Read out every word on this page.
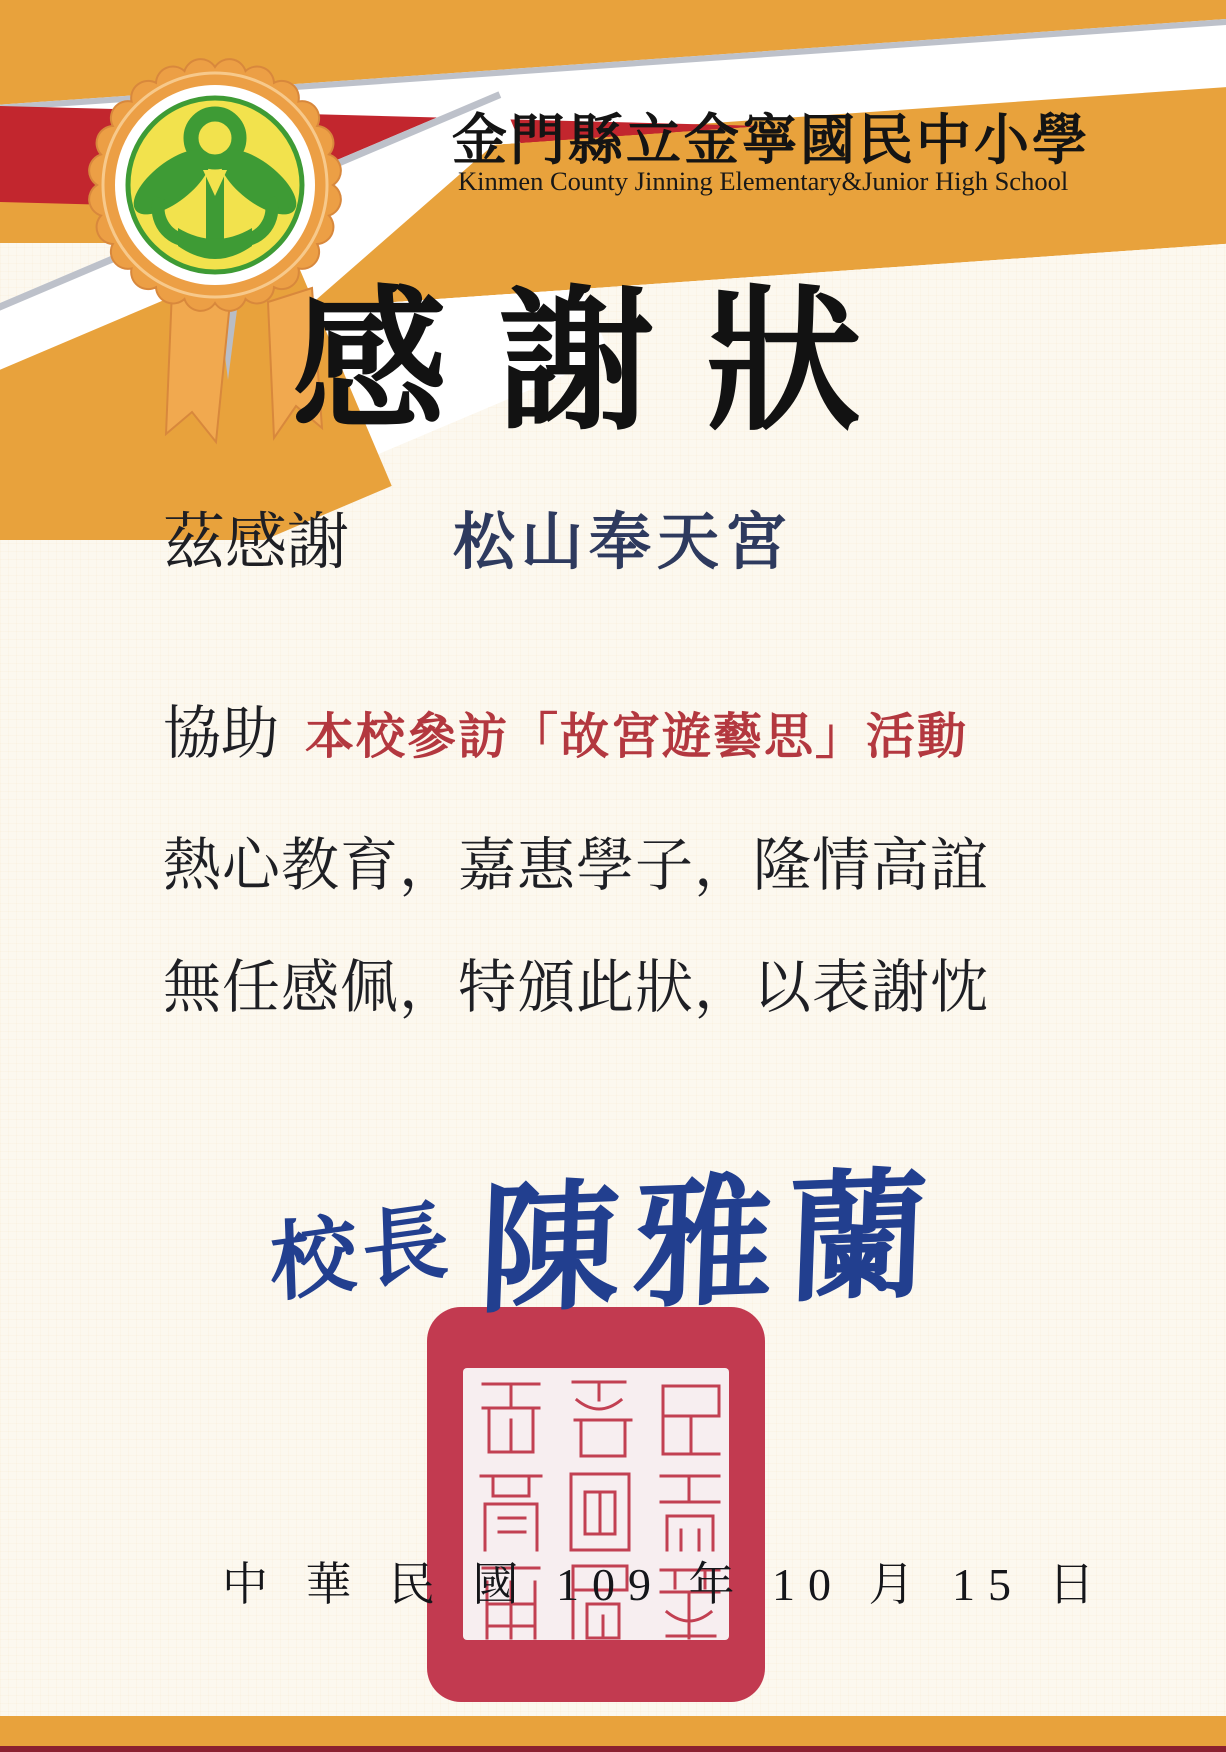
金門縣立金寧國民中小學
Kinmen County Jinning Elementary&Junior High School
感謝狀
茲感謝 松山奉天宮
協助 本校參訪「故宮遊藝思」活動
熱心教育，嘉惠學子，隆情高誼
無任感佩，特頒此狀，以表謝忱
校長 陳雅蘭
中 華 民 國 109 年 10 月 15 日
